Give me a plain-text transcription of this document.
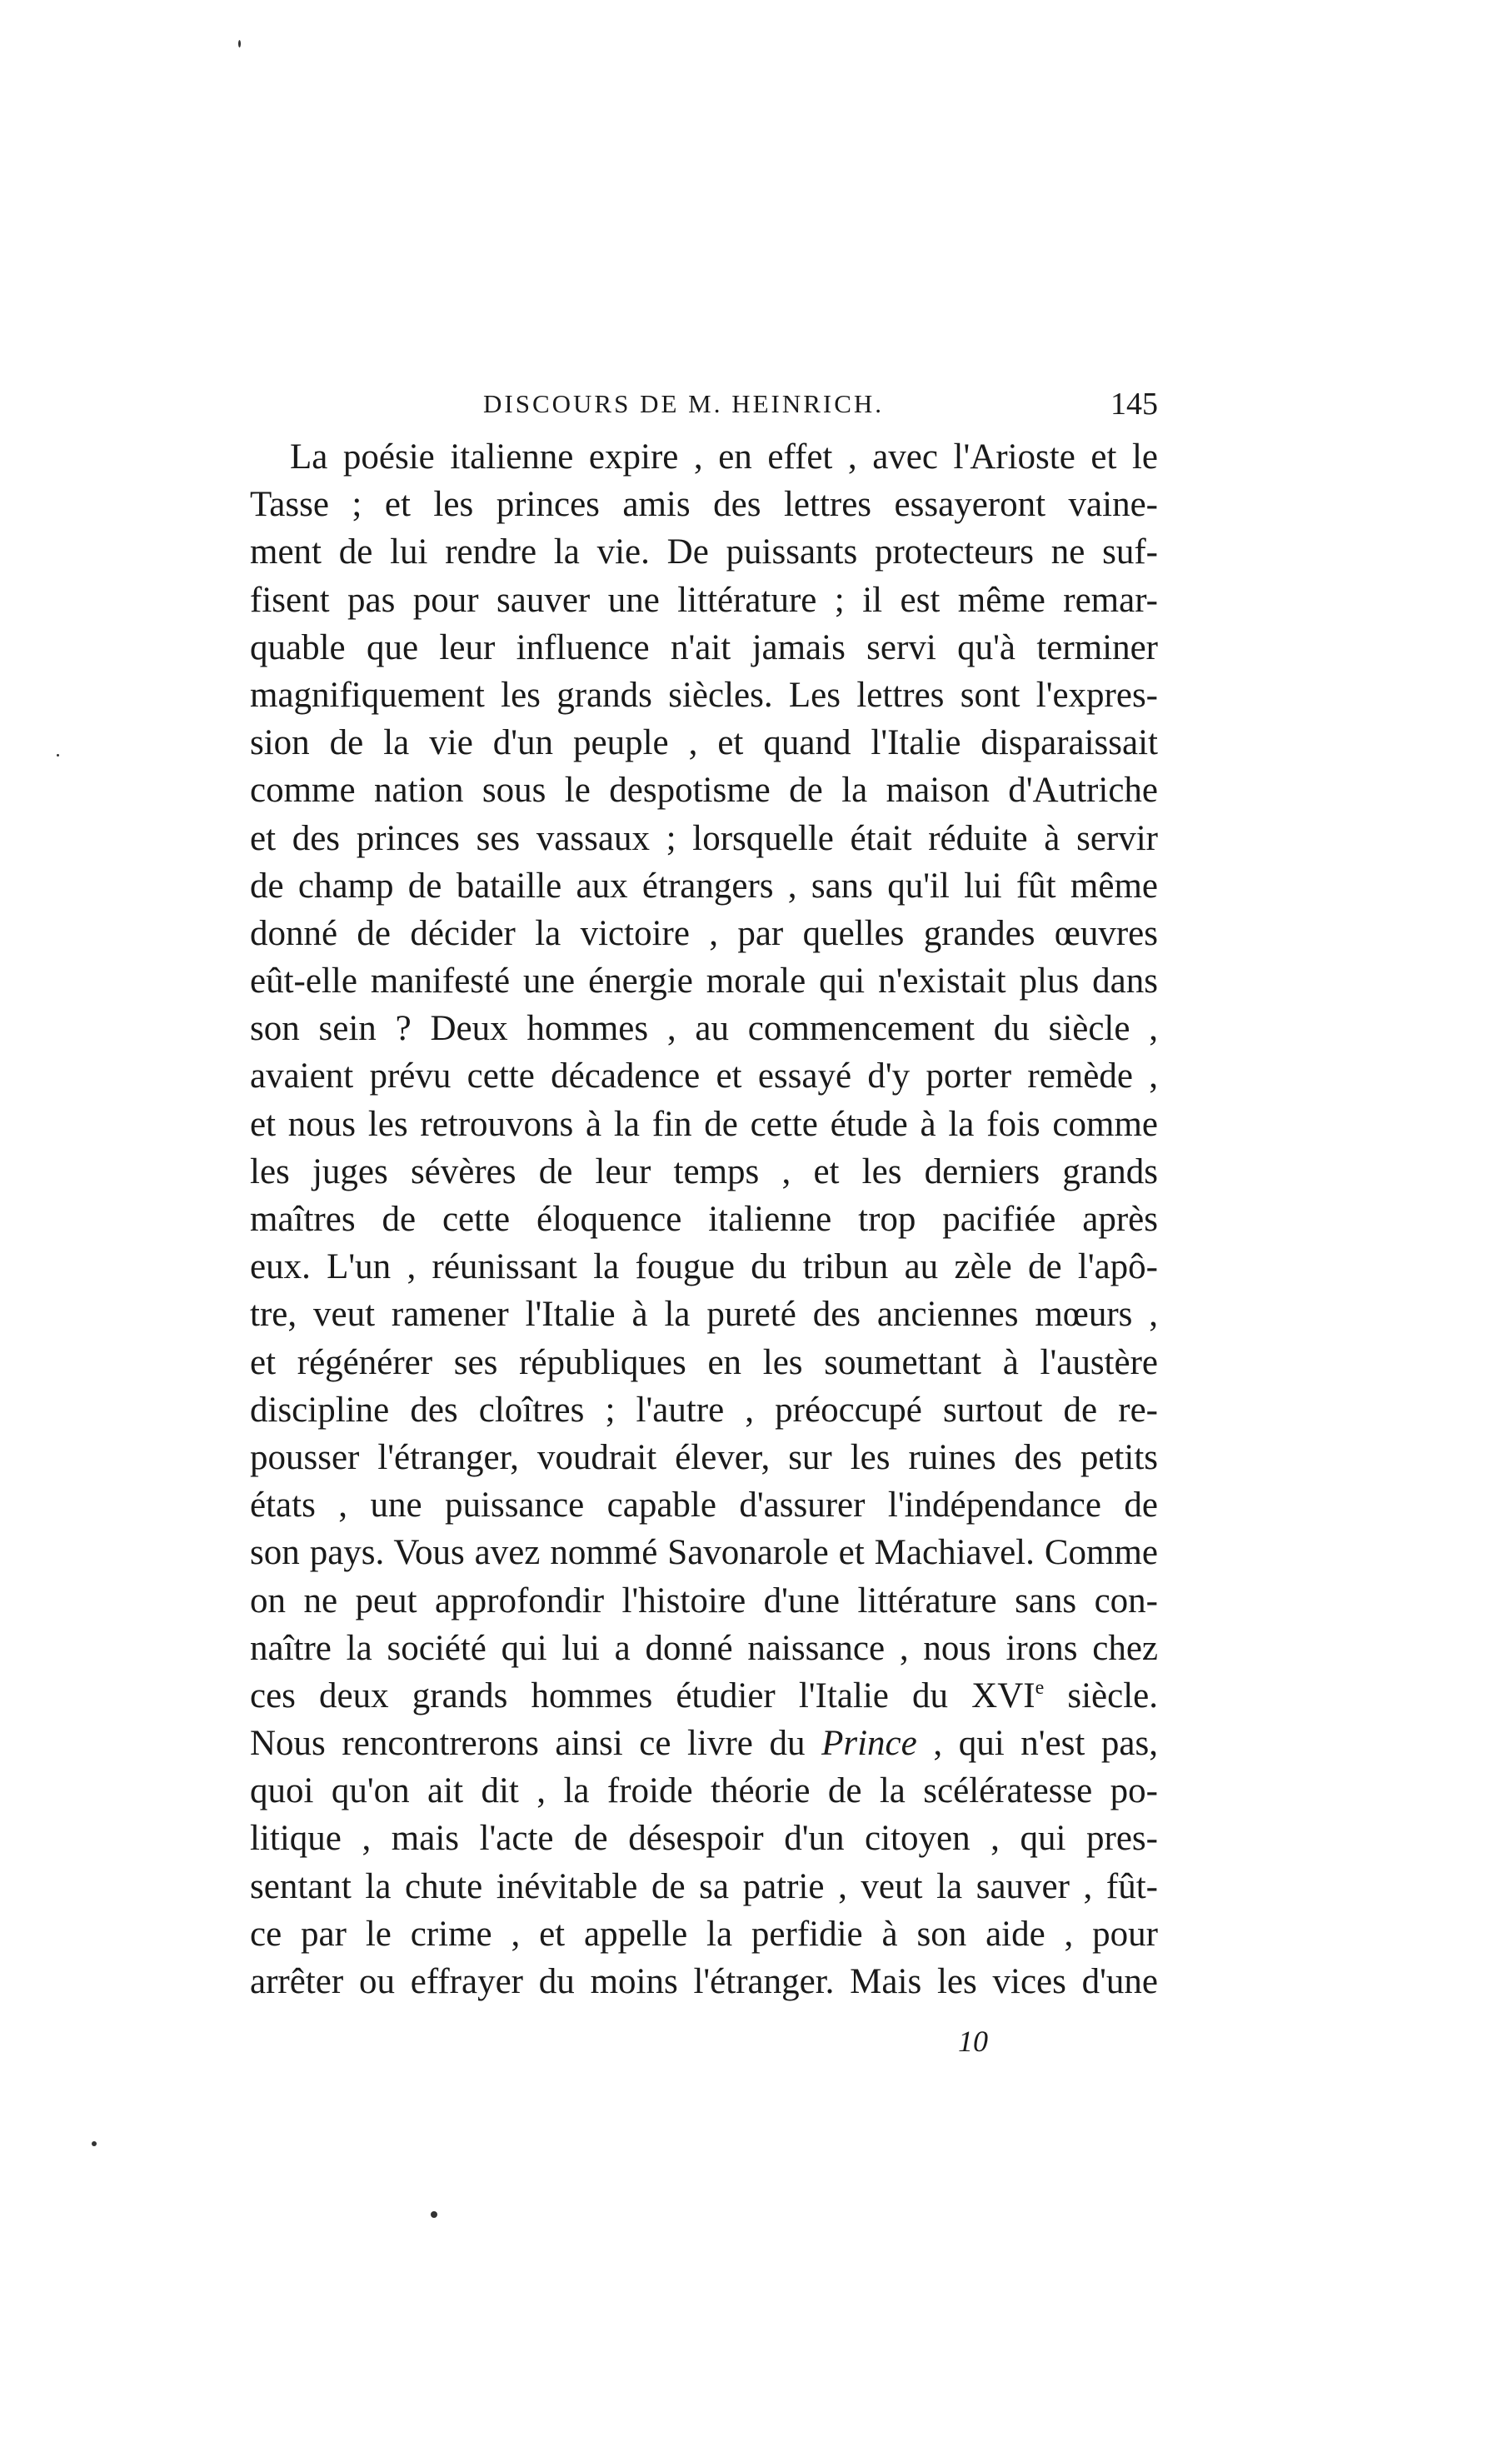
DISCOURS DE M. HEINRICH.	145
La poésie italienne expire , en effet , avec l'Arioste et le
Tasse ; et les princes amis des lettres essayeront vaine-
ment de lui rendre la vie. De puissants protecteurs ne suf-
fisent pas pour sauver une littérature ; il est même remar-
quable que leur influence n'ait jamais servi qu'à terminer
magnifiquement les grands siècles. Les lettres sont l'expres-
sion de la vie d'un peuple , et quand l'Italie disparaissait
comme nation sous le despotisme de la maison d'Autriche
et des princes ses vassaux ; lorsquelle était réduite à servir
de champ de bataille aux étrangers , sans qu'il lui fût même
donné de décider la victoire , par quelles grandes œuvres
eût-elle manifesté une énergie morale qui n'existait plus dans
son sein ? Deux hommes , au commencement du siècle ,
avaient prévu cette décadence et essayé d'y porter remède ,
et nous les retrouvons à la fin de cette étude à la fois comme
les juges sévères de leur temps , et les derniers grands
maîtres de cette éloquence italienne trop pacifiée après
eux. L'un , réunissant la fougue du tribun au zèle de l'apô-
tre, veut ramener l'Italie à la pureté des anciennes mœurs ,
et régénérer ses républiques en les soumettant à l'austère
discipline des cloîtres ; l'autre , préoccupé surtout de re-
pousser l'étranger, voudrait élever, sur les ruines des petits
états , une puissance capable d'assurer l'indépendance de
son pays. Vous avez nommé Savonarole et Machiavel. Comme
on ne peut approfondir l'histoire d'une littérature sans con-
naître la société qui lui a donné naissance , nous irons chez
ces deux grands hommes étudier l'Italie du XVIe siècle.
Nous rencontrerons ainsi ce livre du Prince , qui n'est pas,
quoi qu'on ait dit , la froide théorie de la scélératesse po-
litique , mais l'acte de désespoir d'un citoyen , qui pres-
sentant la chute inévitable de sa patrie , veut la sauver , fût-
ce par le crime , et appelle la perfidie à son aide , pour
arrêter ou effrayer du moins l'étranger. Mais les vices d'une
10
